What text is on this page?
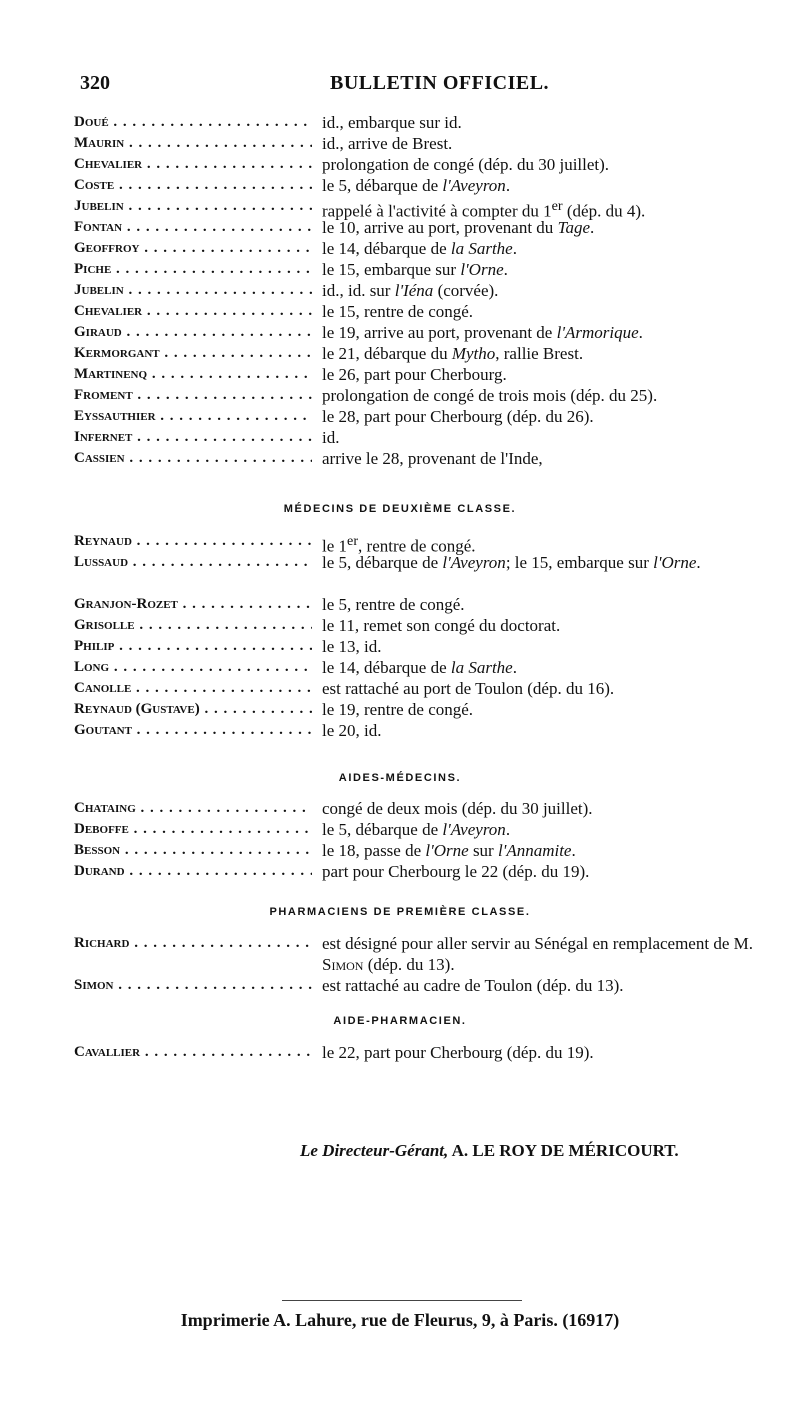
320	BULLETIN OFFICIEL.
Doué . . .	id., embarque sur id.
Maurin . . .	id., arrive de Brest.
Chevalier . . .	prolongation de congé (dép. du 30 juillet).
Coste . . .	le 5, débarque de l'Aveyron.
Jubelin . . .	rappelé à l'activité à compter du 1er (dép. du 4).
Fontan . . .	le 10, arrive au port, provenant du Tage.
Geoffroy . . .	le 14, débarque de la Sarthe.
Piche . . .	le 15, embarque sur l'Orne.
Jubelin . . .	id., id. sur l'Iéna (corvée).
Chevalier . . .	le 15, rentre de congé.
Giraud . . .	le 19, arrive au port, provenant de l'Armorique.
Kermorgant . . .	le 21, débarque du Mytho, rallie Brest.
Martinenq . . .	le 26, part pour Cherbourg.
Froment . . .	prolongation de congé de trois mois (dép. du 25).
Eyssauthier . . .	le 28, part pour Cherbourg (dép. du 26).
Infernet . . .	id.
Cassien . . .	arrive le 28, provenant de l'Inde,
MÉDECINS DE DEUXIÈME CLASSE.
Reynaud . . .	le 1er, rentre de congé.
Lussaud . . .	le 5, débarque de l'Aveyron; le 15, embarque sur l'Orne.
Granjon-Rozet . . .	le 5, rentre de congé.
Grisolle . . .	le 11, remet son congé du doctorat.
Philip . . .	le 13, id.
Long . . .	le 14, débarque de la Sarthe.
Canolle . . .	est rattaché au port de Toulon (dép. du 16).
Reynaud (Gustave) . . .	le 19, rentre de congé.
Goutant . . .	le 20, id.
AIDES-MÉDECINS.
Chataing . . .	congé de deux mois (dép. du 30 juillet).
Deboffe . . .	le 5, débarque de l'Aveyron.
Besson . . .	le 18, passe de l'Orne sur l'Annamite.
Durand . . .	part pour Cherbourg le 22 (dép. du 19).
PHARMACIENS DE PREMIÈRE CLASSE.
Richard . . .	est désigné pour aller servir au Sénégal en remplacement de M. Simon (dép. du 13).
Simon . . .	est rattaché au cadre de Toulon (dép. du 13).
AIDE-PHARMACIEN.
Cavallier . . .	le 22, part pour Cherbourg (dép. du 19).
Le Directeur-Gérant, A. LE ROY DE MÉRICOURT.
Imprimerie A. Lahure, rue de Fleurus, 9, à Paris. (16917)
